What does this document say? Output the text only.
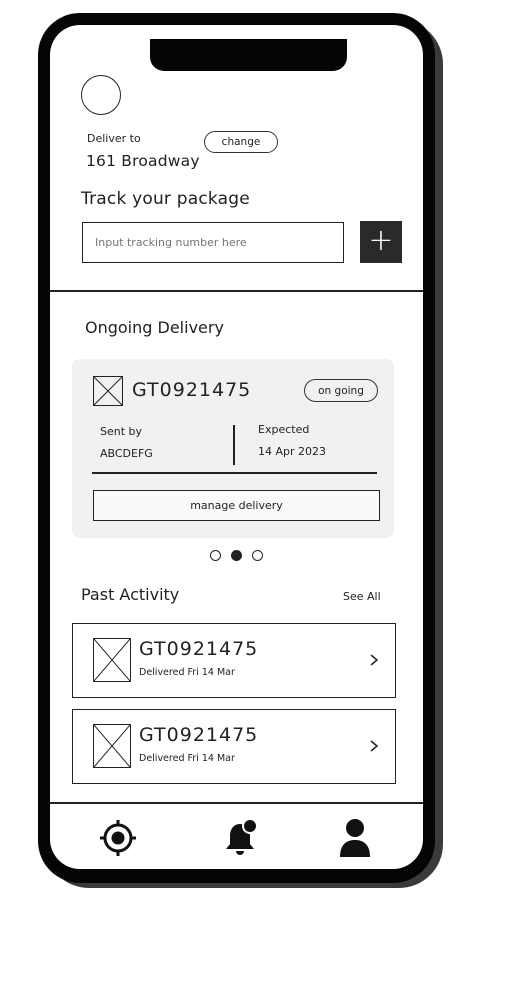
Deliver to	change
161 Broadway
Track your package
Input tracking number here
+
Ongoing Delivery
GT0921475	on going
Sent by
ABCDEFG
Expected
14 Apr 2023
manage delivery
Past Activity	See All
GT0921475
Delivered Fri 14 Mar
GT0921475
Delivered Fri 14 Mar
